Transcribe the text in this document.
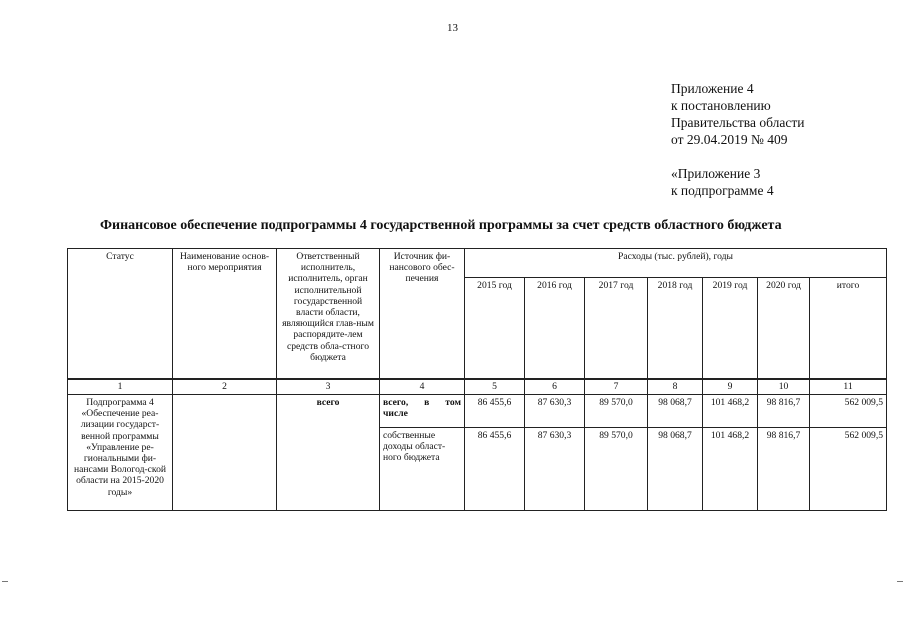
13
Приложение 4
к постановлению
Правительства области
от 29.04.2019 № 409
«Приложение 3
к подпрограмме 4
Финансовое обеспечение подпрограммы 4 государственной программы за счет средств областного бюджета
Статус	Наименование основ-ного мероприятия	Ответственный исполнитель, исполнитель, орган исполнительной государственной власти области, являющийся глав-ным распорядите-лем средств обла-стного бюджета	Источник фи-нансового обес-печения	Расходы (тыс. рублей), годы						
				2015 год	2016 год	2017 год	2018 год	2019 год	2020 год	итого
1	2	3	4	5	6	7	8	9	10	11
Подпрограмма 4 «Обеспечение реа-лизации государст-венной программы «Управление ре-гиональными фи-нансами Вологод-ской области на 2015-2020 годы»		всего	всего, в том числе	86 455,6	87 630,3	89 570,0	98 068,7	101 468,2	98 816,7	562 009,5
			собственные доходы област-ного бюджета	86 455,6	87 630,3	89 570,0	98 068,7	101 468,2	98 816,7	562 009,5
